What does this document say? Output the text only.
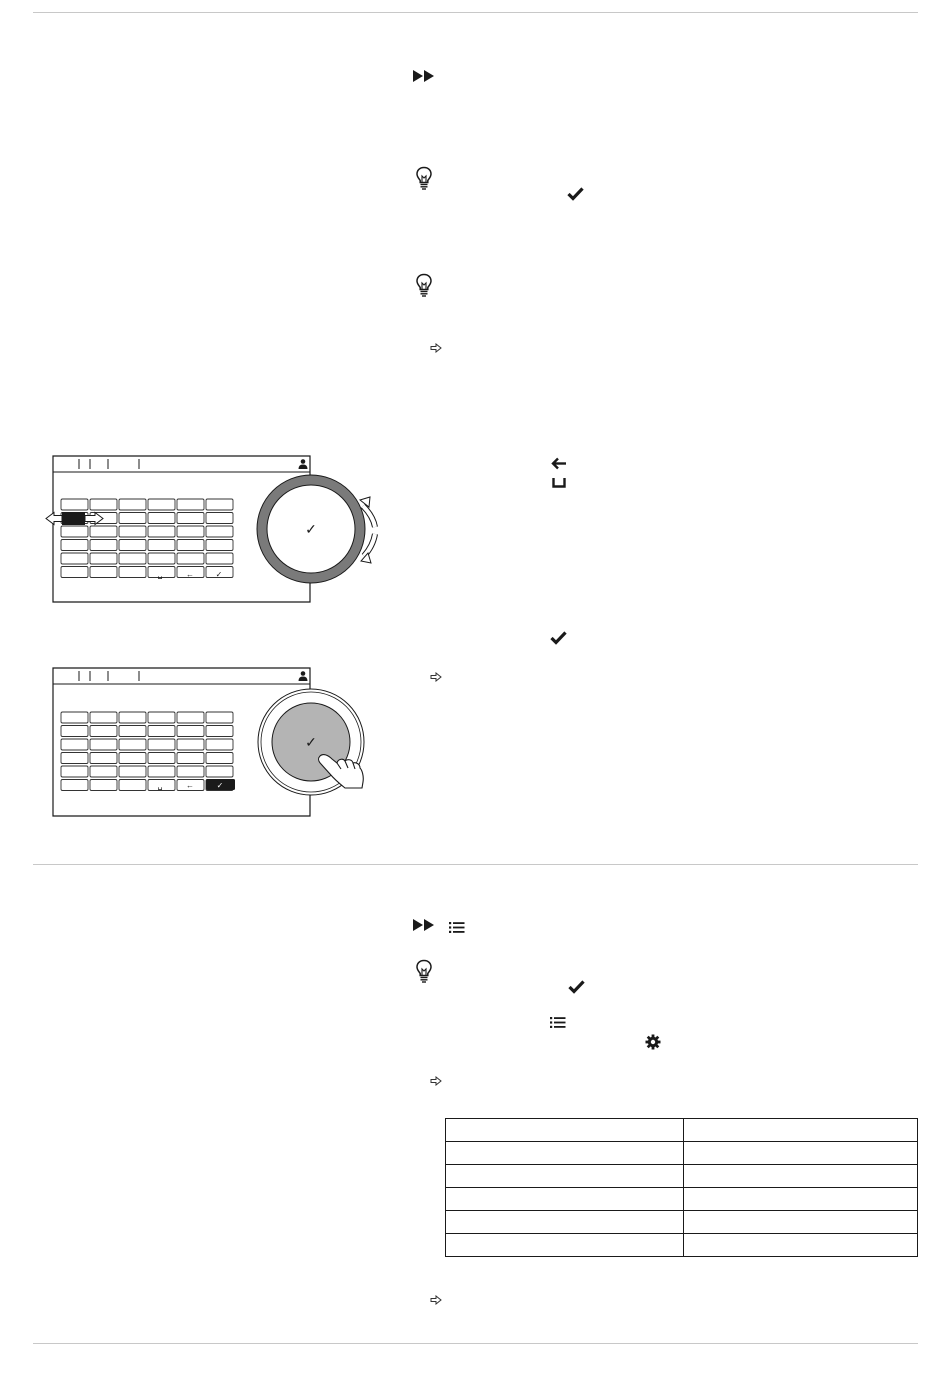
␣	←	✓
✓
␣	←	✓
✓
